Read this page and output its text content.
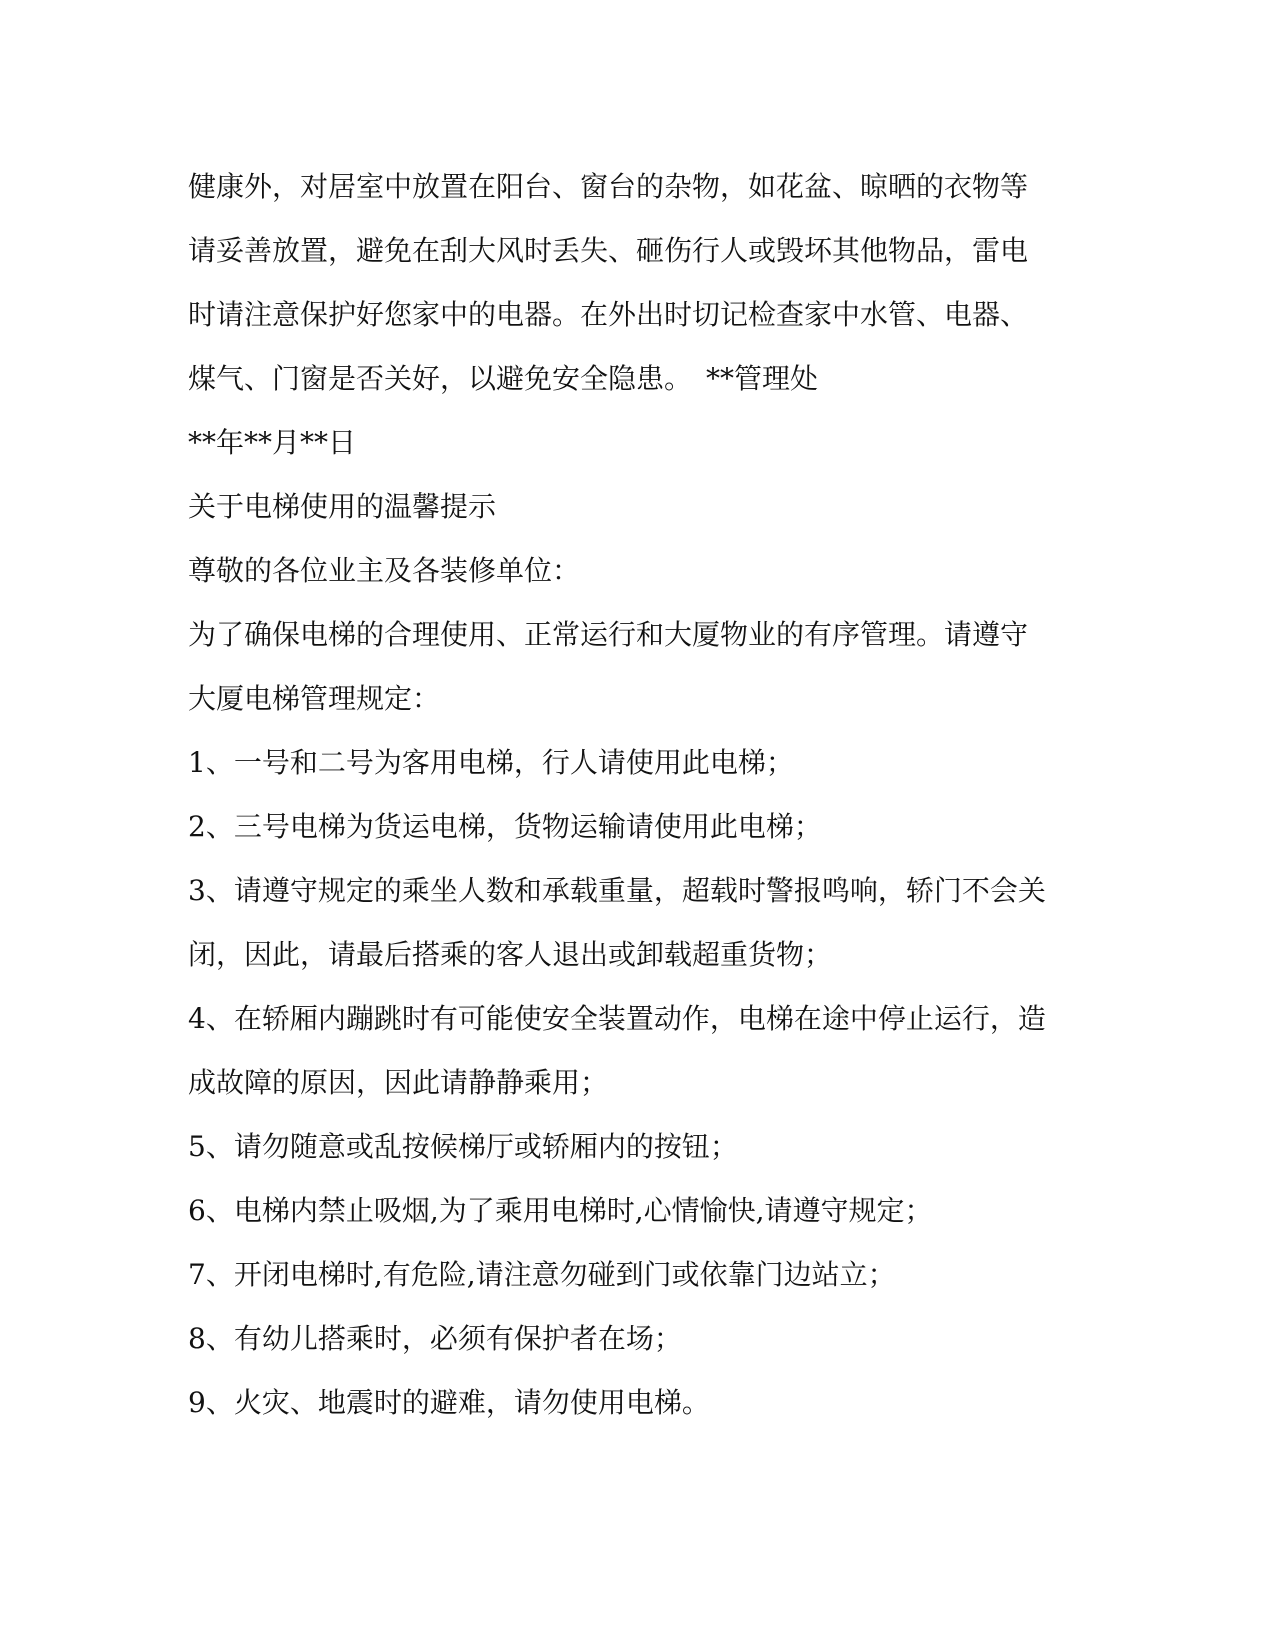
健康外，对居室中放置在阳台、窗台的杂物，如花盆、晾晒的衣物等
请妥善放置，避免在刮大风时丢失、砸伤行人或毁坏其他物品，雷电
时请注意保护好您家中的电器。在外出时切记检查家中水管、电器、
煤气、门窗是否关好，以避免安全隐患。　**管理处
**年**月**日
关于电梯使用的温馨提示
尊敬的各位业主及各装修单位：
为了确保电梯的合理使用、正常运行和大厦物业的有序管理。请遵守
大厦电梯管理规定：
1、一号和二号为客用电梯，行人请使用此电梯；
2、三号电梯为货运电梯，货物运输请使用此电梯；
3、请遵守规定的乘坐人数和承载重量，超载时警报鸣响，轿门不会关
闭，因此，请最后搭乘的客人退出或卸载超重货物；
4、在轿厢内蹦跳时有可能使安全装置动作，电梯在途中停止运行，造
成故障的原因，因此请静静乘用；
5、请勿随意或乱按候梯厅或轿厢内的按钮；
6、电梯内禁止吸烟,为了乘用电梯时,心情愉快,请遵守规定；
7、开闭电梯时,有危险,请注意勿碰到门或依靠门边站立；
8、有幼儿搭乘时，必须有保护者在场；
9、火灾、地震时的避难，请勿使用电梯。
